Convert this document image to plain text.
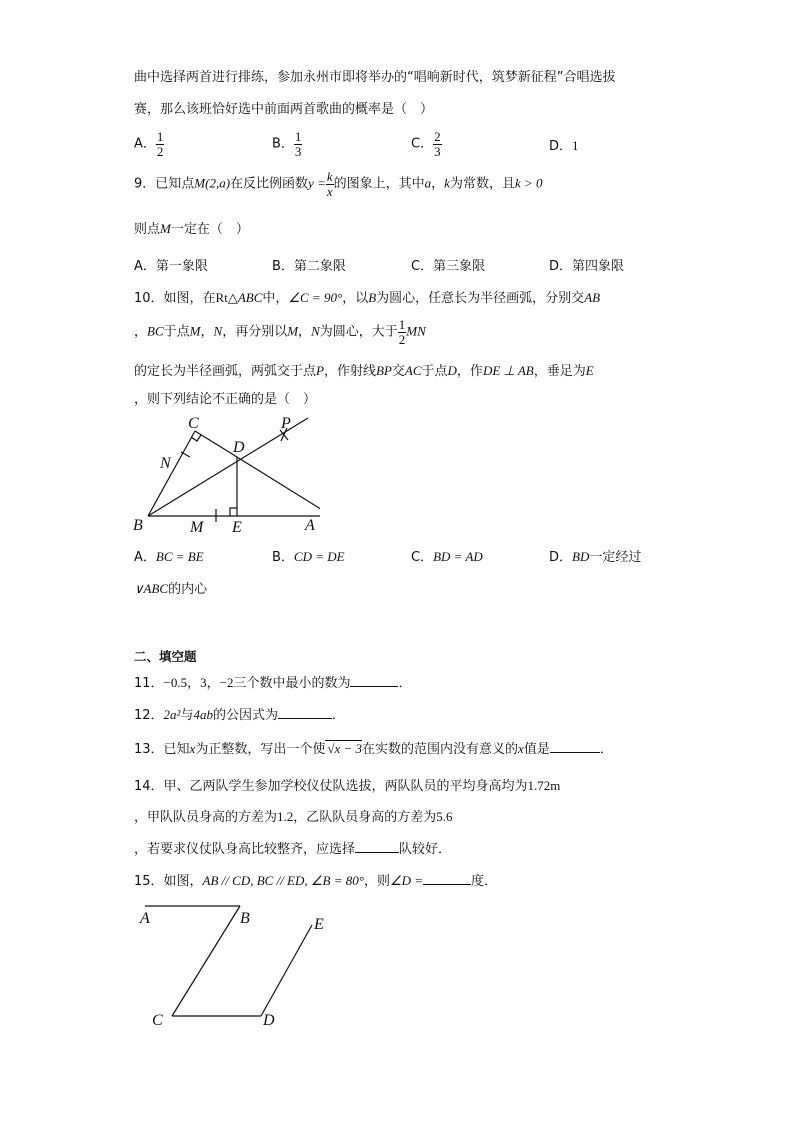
曲中选择两首进行排练，参加永州市即将举办的“唱响新时代，筑梦新征程”合唱选拔
赛，那么该班恰好选中前面两首歌曲的概率是（　）
A． $\frac{1}{2}$	B． $\frac{1}{3}$	C． $\frac{2}{3}$	D．1
9．已知点M(2,a)在反比例函数$y = \frac{k}{x}$ 的图象上，其中a，k为常数，且k > 0
则点M一定在（　）
A．第一象限	B．第二象限	C．第三象限	D．第四象限
10．如图，在Rt△ABC中，∠C = 90°，以B为圆心，任意长为半径画弧，分别交AB
，BC于点M，N，再分别以M，N为圆心，大于 $\frac{1}{2}$ MN
的定长为半径画弧，两弧交于点P，作射线BP交AC于点D，作DE ⊥ AB，垂足为E
，则下列结论不正确的是（　）
C
D
P
N
B	M E	A
A．BC = BE	B．CD = DE	C．BD = AD	D．BD一定经过
∨ABC的内心
二、填空题
11．−0.5，3，−2三个数中最小的数为	．
12．2a²与4ab的公因式为	．
13．已知x为正整数，写出一个使 √x − 3在实数的范围内没有意义的x值是	．
14．甲、乙两队学生参加学校仪仗队选拔，两队队员的平均身高均为1.72m
，甲队队员身高的方差为1.2，乙队队员身高的方差为5.6
，若要求仪仗队身高比较整齐，应选择	队较好．
15．如图，AB // CD, BC // ED, ∠B = 80°，则∠D =	度．
A	B	E
C	D
